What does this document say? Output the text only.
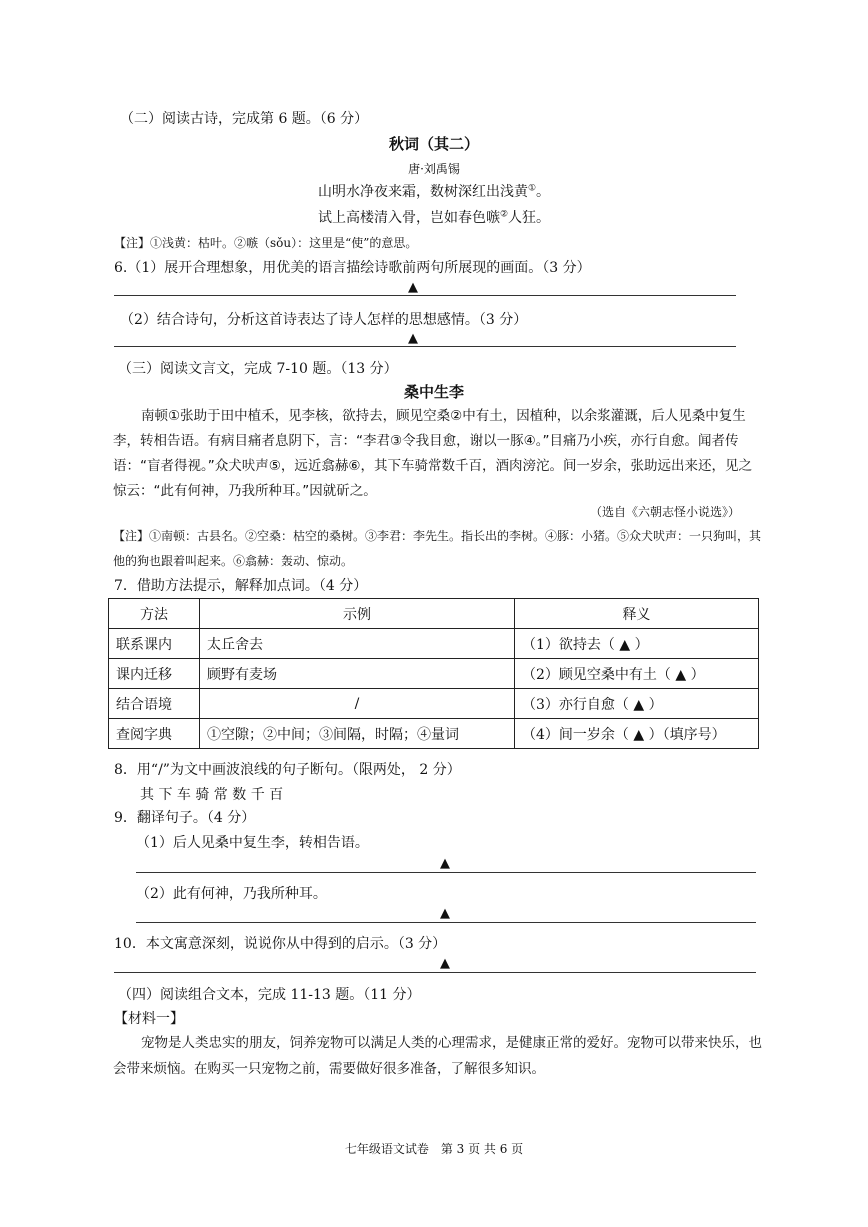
（二）阅读古诗，完成第 6 题。（6 分）
秋词（其二）
唐·刘禹锡
山明水净夜来霜，数树深红出浅黄①。
试上高楼清入骨，岂如春色嗾②人狂。
【注】①浅黄：枯叶。②嗾（sǒu）：这里是“使”的意思。
6.（1）展开合理想象，用优美的语言描绘诗歌前两句所展现的画面。（3 分）
▲
（2）结合诗句，分析这首诗表达了诗人怎样的思想感情。（3 分）
▲
（三）阅读文言文，完成 7-10 题。（13 分）
桑中生李
南顿①张助于田中植禾，见李核，欲持去，顾见空桑②中有土，因植种，以余浆灌溉，后人见桑中复生李，转相告语。有病目痛者息阴下，言：“李君③令我目愈，谢以一豚④。”目痛乃小疾，亦行自愈。闻者传语：“盲者得视。”众犬吠声⑤，远近翕赫⑥，其下车骑常数千百，酒肉滂沱。间一岁余，张助远出来还，见之惊云：“此有何神，乃我所种耳。”因就斫之。
（选自《六朝志怪小说选》）
【注】①南顿：古县名。②空桑：枯空的桑树。③李君：李先生。指长出的李树。④豚：小猪。⑤众犬吠声：一只狗叫，其他的狗也跟着叫起来。⑥翕赫：轰动、惊动。
7．借助方法提示，解释加点词。（4 分）
方法	示例	释义
联系课内	太丘舍去	（1）欲持去（ ▲ ）
课内迁移	顾野有麦场	（2）顾见空桑中有土（ ▲ ）
结合语境	/	（3）亦行自愈（ ▲ ）
查阅字典	①空隙；②中间；③间隔，时隔；④量词	（4）间一岁余（ ▲ ）（填序号）
8．用“/”为文中画波浪线的句子断句。（限两处， 2 分）
其 下 车 骑 常 数 千 百
9．翻译句子。（4 分）
（1）后人见桑中复生李，转相告语。
▲
（2）此有何神，乃我所种耳。
▲
10．本文寓意深刻，说说你从中得到的启示。（3 分）
▲
（四）阅读组合文本，完成 11-13 题。（11 分）
【材料一】
宠物是人类忠实的朋友，饲养宠物可以满足人类的心理需求，是健康正常的爱好。宠物可以带来快乐，也会带来烦恼。在购买一只宠物之前，需要做好很多准备，了解很多知识。
七年级语文试卷　第 3 页 共 6 页
